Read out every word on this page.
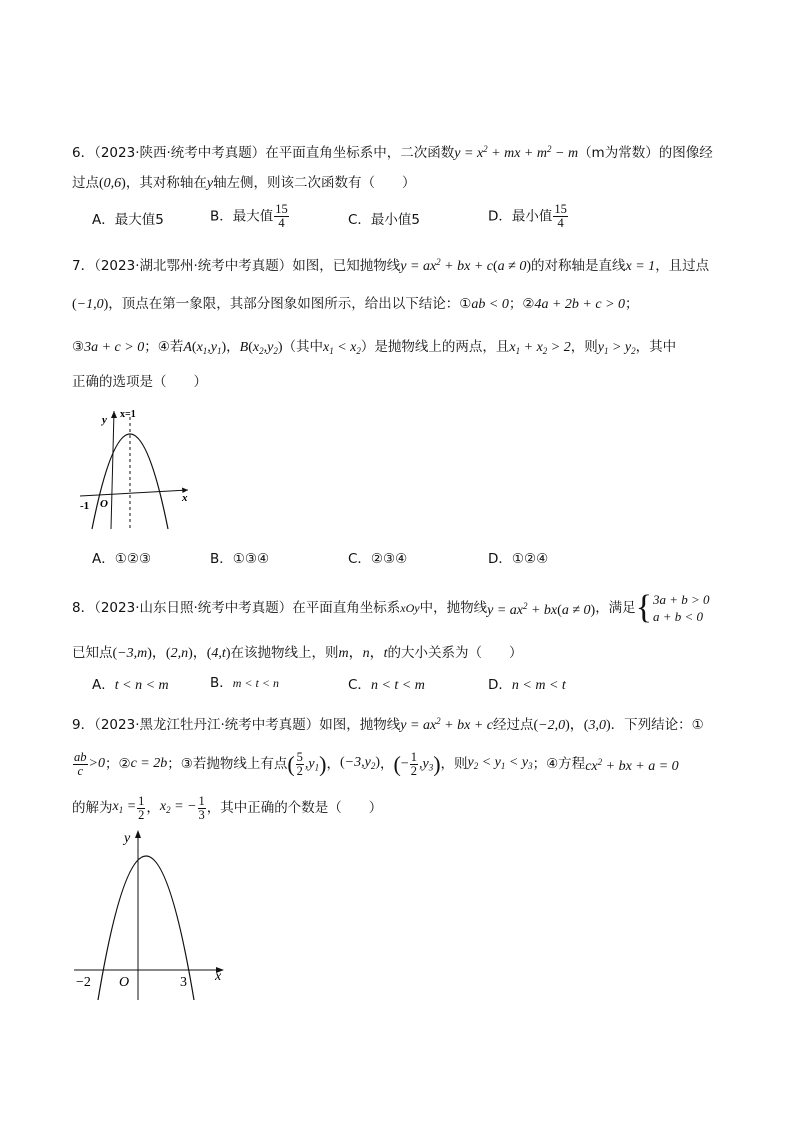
6．（2023·陕西·统考中考真题）在平面直角坐标系中，二次函数$y = x^2$ + mx + $m^2 - m(m$为常数）的图像经
过点(0,6)，其对称轴在y轴左侧，则该二次函数有（　　）
A．最大值5	B．最大值 $\frac{15}{4}$	C．最小值5	D．最小值 $\frac{15}{4}$
7．（2023·湖北鄂州·统考中考真题）如图，已知抛物线$y = ax^2$ + bx + c(a ≠ 0)的对称轴是直线x = 1，且过点
(−1,0)，顶点在第一象限，其部分图象如图所示，给出以下结论：①ab < 0；②4a + 2b + c > 0；
③3a + c > 0；④若$A(x_1,y_1)$，$B(x_2,y_2)$（其中$x_1 < x_2$）是抛物线上的两点，且$x_1 + x_2 > 2$，则$y_1 > y_2$，其中
正确的选项是（　　）
y x=1
x
-1 O
A．①②③	B．①③④	C．②③④	D．①②④
8．（2023·山东日照·统考中考真题）在平面直角坐标系 xOy 中，抛物线 $y = ax^2 + bx(a \ne 0)$ ，满足 { 3a + b > 0
a + b < 0
已知点(−3,m)，(2,n)，(4,t)在该抛物线上，则m，n，t的大小关系为（　　）
A．t < n < m	B．m < t < n	C．n < t < m	D．n < m < t
9．（2023·黑龙江牡丹江·统考中考真题）如图，抛物线$y = ax^2$ + bx + c经过点(−2,0)，(3,0)．下列结论：①
$\frac{ab}{c} >0$ ；② c = 2b ；③若抛物线上有点 ( $\frac{5}{2} ,y_1$) ， $(-3,y_2)$ ， (− $\frac{1}{2} ,y_3$) ，则 $y_2 < y_1 < y_3$ ；④方程 $cx^2$ + bx + a = 0
的解为 $x_1 = \frac{1}{2}$ ， $x_2$ = − $\frac{1}{3}$ ，其中正确的个数是（　　）
y
x
−2 O	3
